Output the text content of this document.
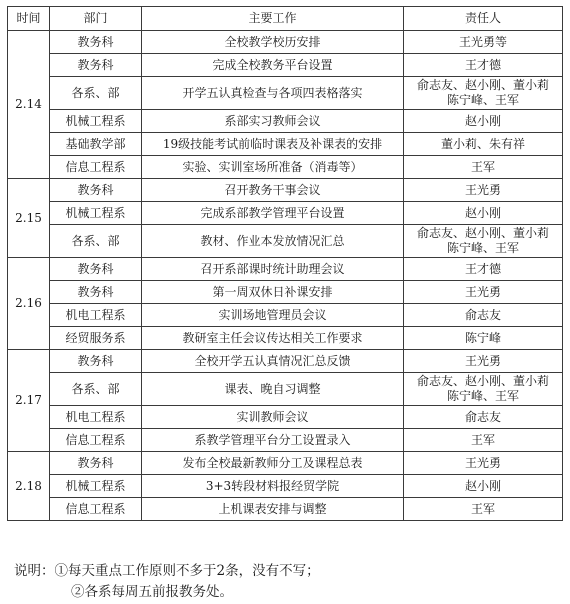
时间	部门	主要工作	责任人
2.14	教务科	全校教学校历安排	王光勇等
	教务科	完成全校教务平台设置	王才德
	各系、部	开学五认真检查与各项四表格落实	俞志友、赵小刚、董小莉
陈宁峰、王军
	机械工程系	系部实习教师会议	赵小刚
	基础教学部	19级技能考试前临时课表及补课表的安排	董小莉、朱有祥
	信息工程系	实验、实训室场所准备（消毒等）	王军
2.15	教务科	召开教务干事会议	王光勇
	机械工程系	完成系部教学管理平台设置	赵小刚
	各系、部	教材、作业本发放情况汇总	俞志友、赵小刚、董小莉
陈宁峰、王军
2.16	教务科	召开系部课时统计助理会议	王才德
	教务科	第一周双休日补课安排	王光勇
	机电工程系	实训场地管理员会议	俞志友
	经贸服务系	教研室主任会议传达相关工作要求	陈宁峰
2.17	教务科	全校开学五认真情况汇总反馈	王光勇
	各系、部	课表、晚自习调整	俞志友、赵小刚、董小莉
陈宁峰、王军
	机电工程系	实训教师会议	俞志友
	信息工程系	系教学管理平台分工设置录入	王军
2.18	教务科	发布全校最新教师分工及课程总表	王光勇
	机械工程系	3+3转段材料报经贸学院	赵小刚
	信息工程系	上机课表安排与调整	王军
说明：①每天重点工作原则不多于2条，没有不写；
②各系每周五前报教务处。
